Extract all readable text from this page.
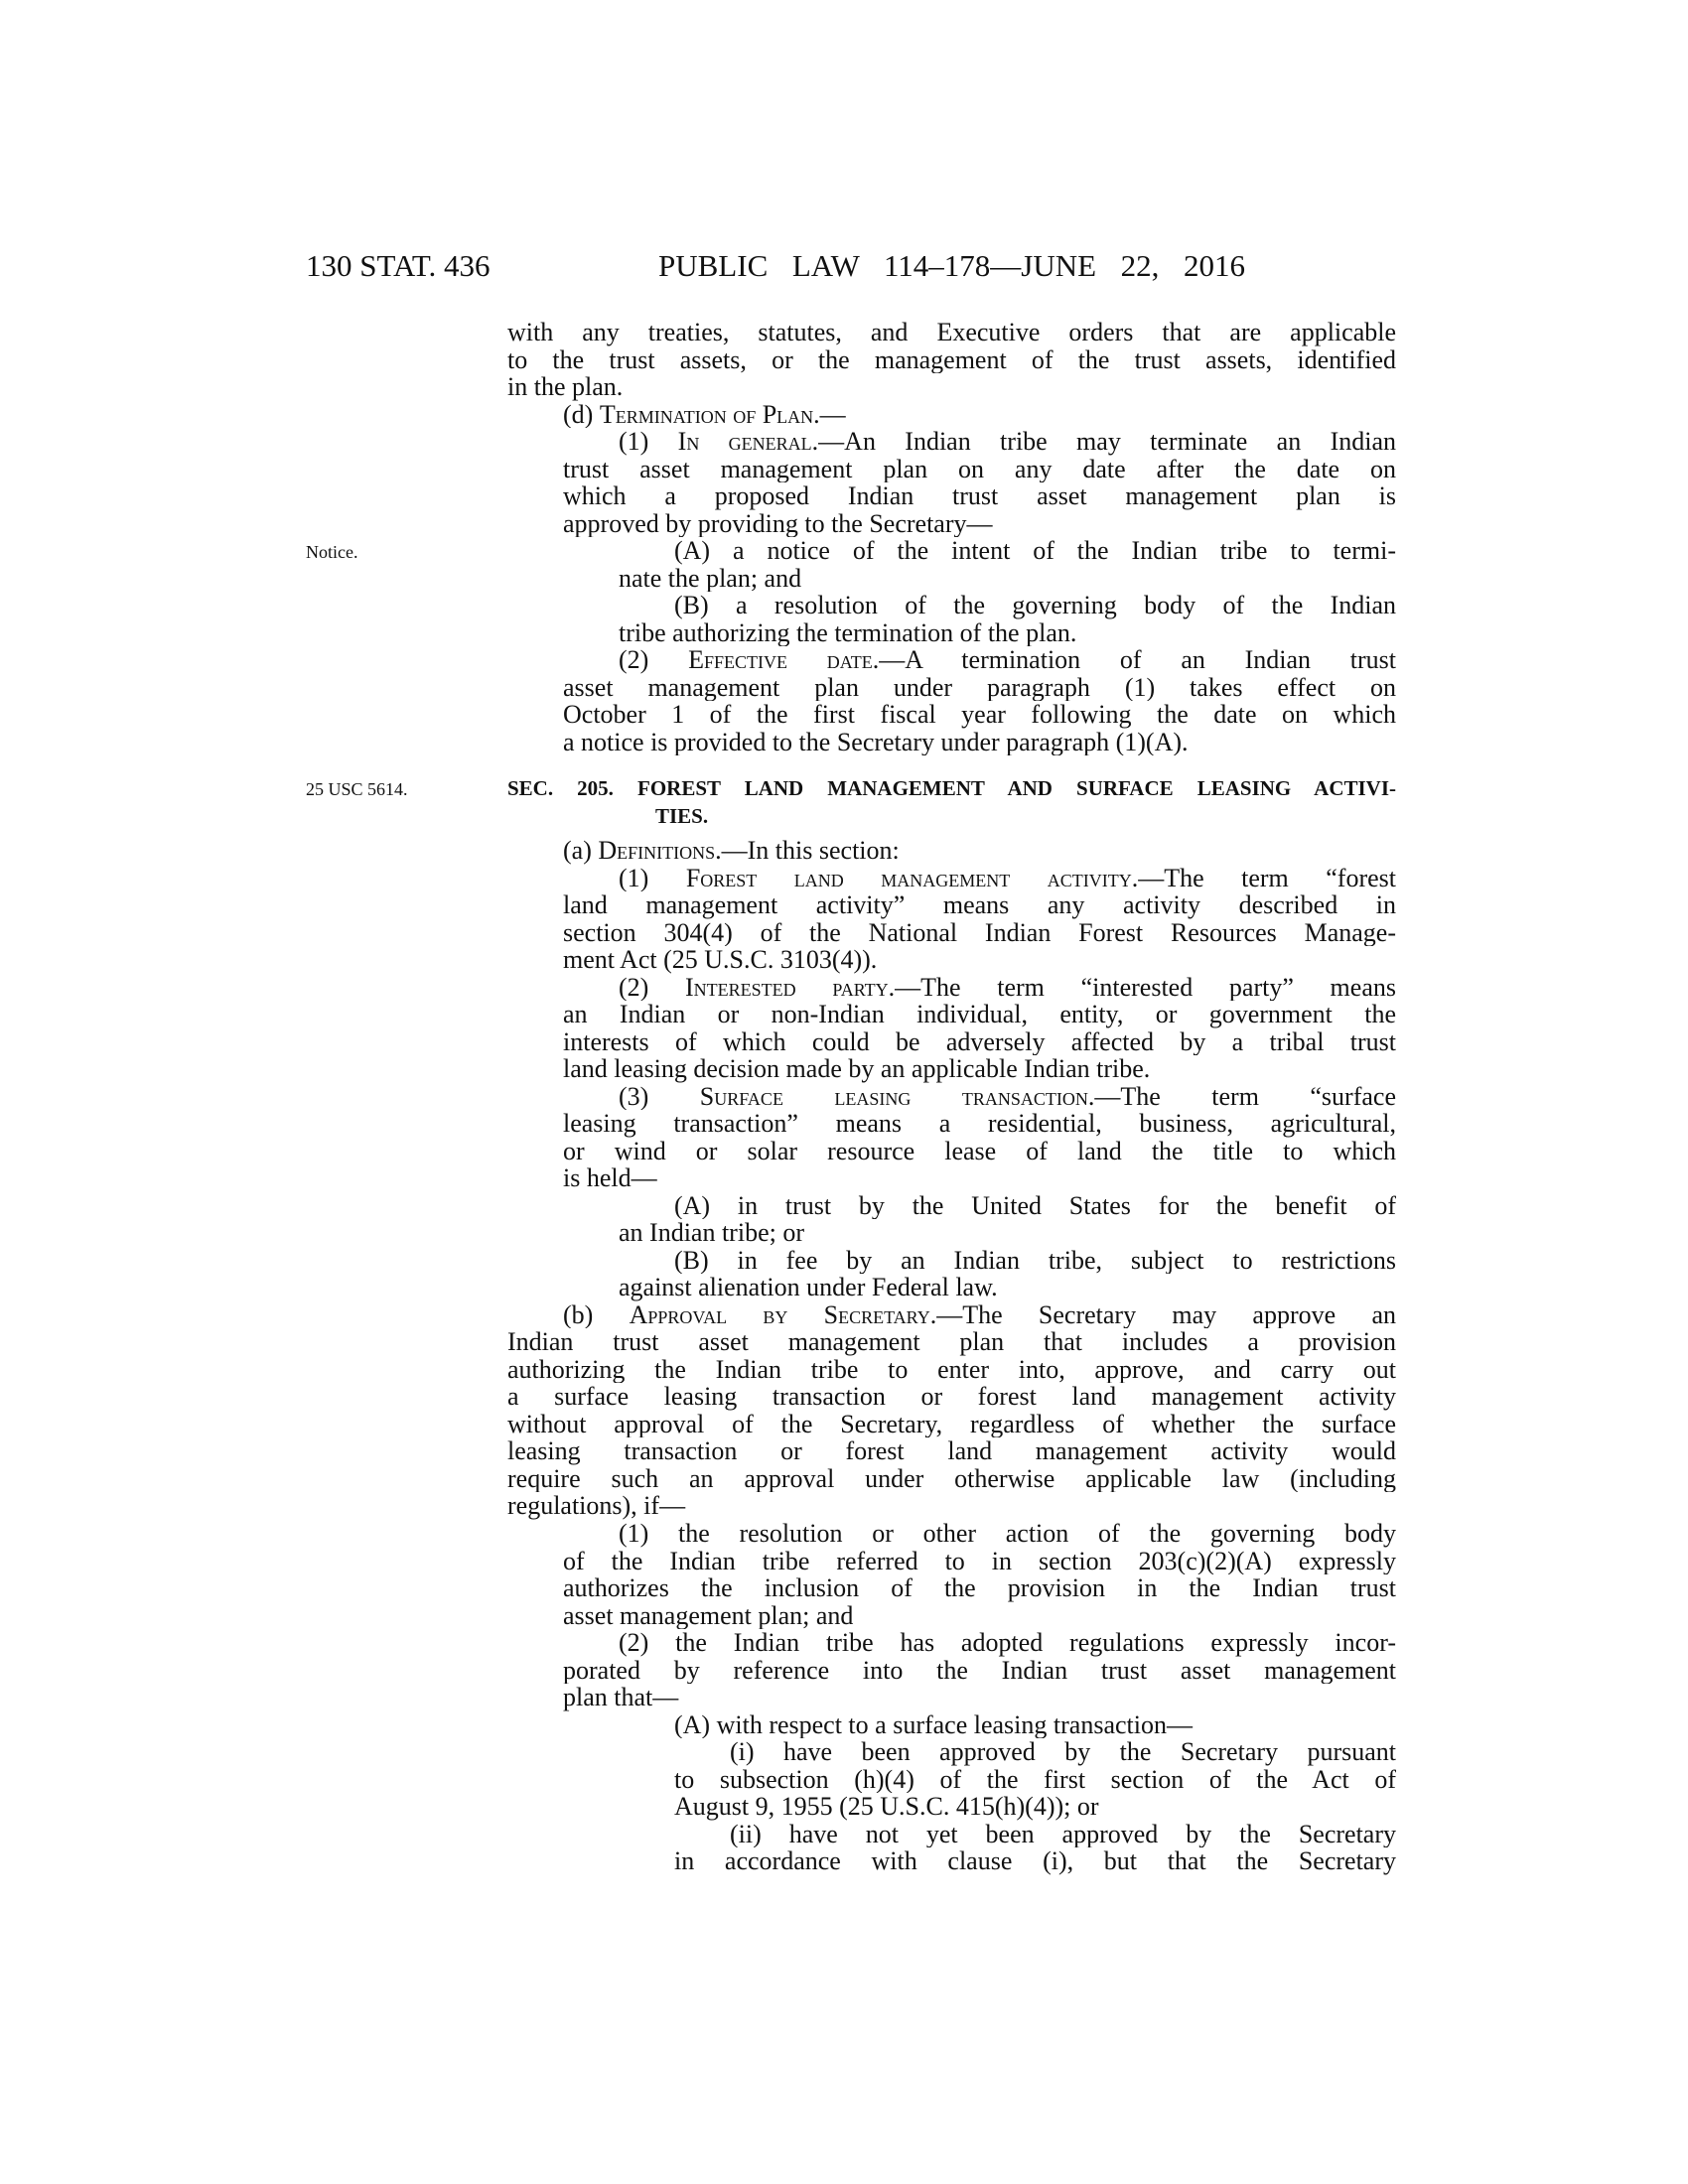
130 STAT. 436	PUBLIC LAW 114–178—JUNE 22, 2016
Notice.
25 USC 5614.
with any treaties, statutes, and Executive orders that are applicable
to the trust assets, or the management of the trust assets, identified
in the plan.
(d) Termination of Plan.—
(1) In general.—An Indian tribe may terminate an Indian
trust asset management plan on any date after the date on
which a proposed Indian trust asset management plan is
approved by providing to the Secretary—
(A) a notice of the intent of the Indian tribe to termi-
nate the plan; and
(B) a resolution of the governing body of the Indian
tribe authorizing the termination of the plan.
(2) Effective date.—A termination of an Indian trust
asset management plan under paragraph (1) takes effect on
October 1 of the first fiscal year following the date on which
a notice is provided to the Secretary under paragraph (1)(A).
SEC. 205. FOREST LAND MANAGEMENT AND SURFACE LEASING ACTIVI-
TIES.
(a) Definitions.—In this section:
(1) Forest land management activity.—The term “forest
land management activity” means any activity described in
section 304(4) of the National Indian Forest Resources Manage-
ment Act (25 U.S.C. 3103(4)).
(2) Interested party.—The term “interested party” means
an Indian or non-Indian individual, entity, or government the
interests of which could be adversely affected by a tribal trust
land leasing decision made by an applicable Indian tribe.
(3) Surface leasing transaction.—The term “surface
leasing transaction” means a residential, business, agricultural,
or wind or solar resource lease of land the title to which
is held—
(A) in trust by the United States for the benefit of
an Indian tribe; or
(B) in fee by an Indian tribe, subject to restrictions
against alienation under Federal law.
(b) Approval by Secretary.—The Secretary may approve an
Indian trust asset management plan that includes a provision
authorizing the Indian tribe to enter into, approve, and carry out
a surface leasing transaction or forest land management activity
without approval of the Secretary, regardless of whether the surface
leasing transaction or forest land management activity would
require such an approval under otherwise applicable law (including
regulations), if—
(1) the resolution or other action of the governing body
of the Indian tribe referred to in section 203(c)(2)(A) expressly
authorizes the inclusion of the provision in the Indian trust
asset management plan; and
(2) the Indian tribe has adopted regulations expressly incor-
porated by reference into the Indian trust asset management
plan that—
(A) with respect to a surface leasing transaction—
(i) have been approved by the Secretary pursuant
to subsection (h)(4) of the first section of the Act of
August 9, 1955 (25 U.S.C. 415(h)(4)); or
(ii) have not yet been approved by the Secretary
in accordance with clause (i), but that the Secretary
